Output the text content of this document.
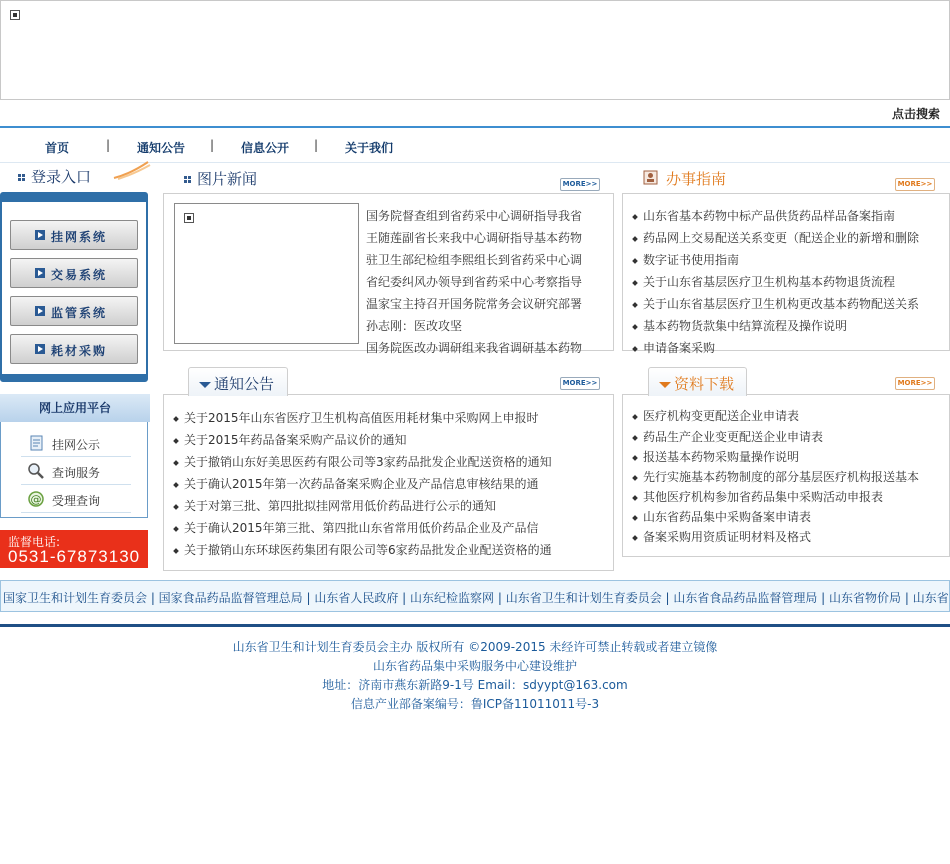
点击搜索
首页	| 通知公告 | 信息公开 | 关于我们
登录入口
挂网系统
交易系统
监管系统
耗材采购
网上应用平台
挂网公示
查询服务
@ 受理查询
监督电话:
0531-67873130
图片新闻	MORE>>
国务院督查组到省药采中心调研指导我省
王随莲副省长来我中心调研指导基本药物
驻卫生部纪检组李熙组长到省药采中心调
省纪委纠风办领导到省药采中心考察指导
温家宝主持召开国务院常务会议研究部署
孙志刚：医改攻坚
国务院医改办调研组来我省调研基本药物
办事指南	MORE>>
山东省基本药物中标产品供货药品样品备案指南
药品网上交易配送关系变更（配送企业的新增和删除
数字证书使用指南
关于山东省基层医疗卫生机构基本药物退货流程
关于山东省基层医疗卫生机构更改基本药物配送关系
基本药物货款集中结算流程及操作说明
申请备案采购
通知公告	MORE>>
关于2015年山东省医疗卫生机构高值医用耗材集中采购网上申报时
关于2015年药品备案采购产品议价的通知
关于撤销山东好美思医药有限公司等3家药品批发企业配送资格的通知
关于确认2015年第一次药品备案采购企业及产品信息审核结果的通
关于对第三批、第四批拟挂网常用低价药品进行公示的通知
关于确认2015年第三批、第四批山东省常用低价药品企业及产品信
关于撤销山东环球医药集团有限公司等6家药品批发企业配送资格的通
资料下载	MORE>>
医疗机构变更配送企业申请表
药品生产企业变更配送企业申请表
报送基本药物采购量操作说明
先行实施基本药物制度的部分基层医疗机构报送基本
其他医疗机构参加省药品集中采购活动申报表
山东省药品集中采购备案申请表
备案采购用资质证明材料及格式
国家卫生和计划生育委员会 | 国家食品药品监督管理总局 | 山东省人民政府 | 山东纪检监察网 | 山东省卫生和计划生育委员会 | 山东省食品药品监督管理局 | 山东省物价局 | 山东省
山东省卫生和计划生育委员会主办 版权所有 ©2009-2015 未经许可禁止转载或者建立镜像
山东省药品集中采购服务中心建设维护
地址：济南市燕东新路9-1号 Email：sdyypt@163.com
信息产业部备案编号：鲁ICP备11011011号-3
